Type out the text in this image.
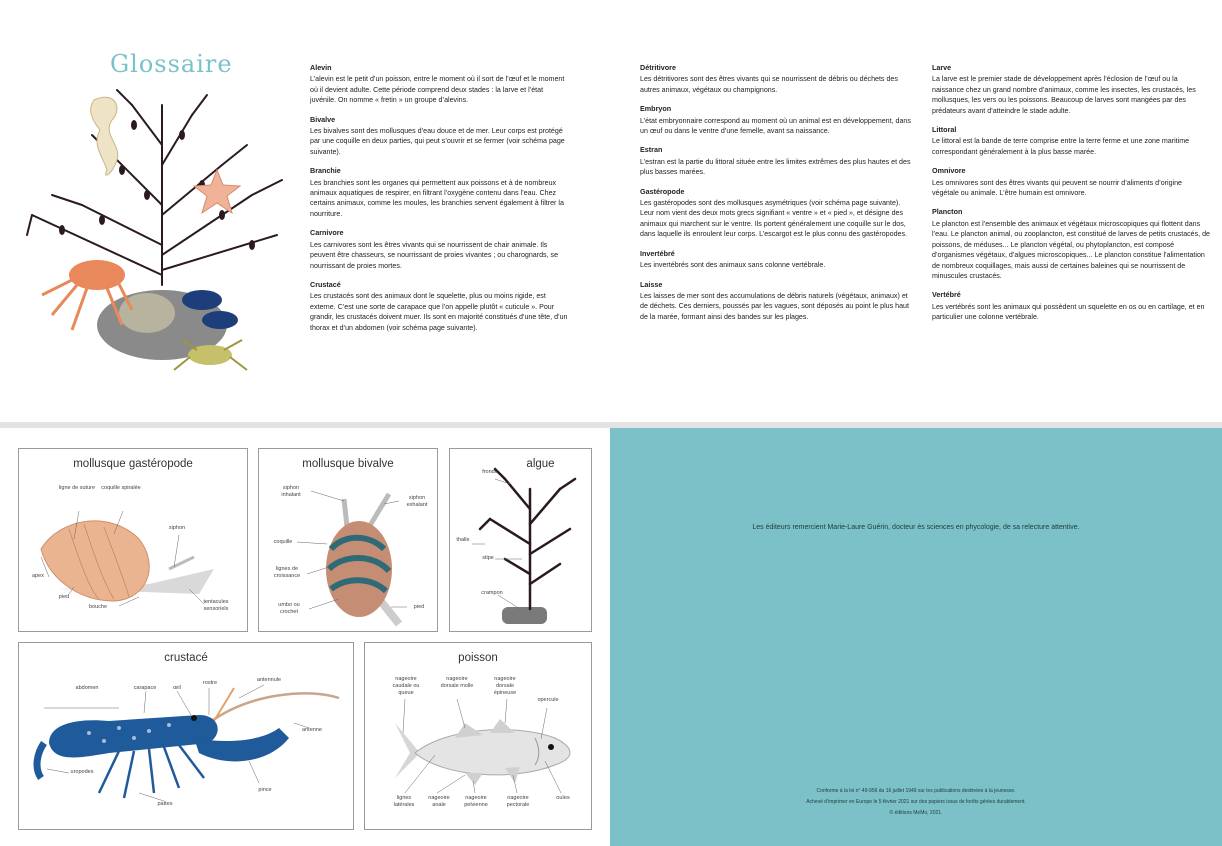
Glossaire	Alevin
L’alevin est le petit d’un poisson, entre le moment où il sort de l’œuf et le moment où il devient adulte. Cette période comprend deux stades : la larve et l’état juvénile. On nomme « fretin » un groupe d’alevins.
Bivalve
Les bivalves sont des mollusques d’eau douce et de mer. Leur corps est protégé par une coquille en deux parties, qui peut s’ouvrir et se fermer (voir schéma page suivante).
Branchie
Les branchies sont les organes qui permettent aux poissons et à de nombreux animaux aquatiques de respirer, en filtrant l’oxygène contenu dans l’eau. Chez certains animaux, comme les moules, les branchies servent également à filtrer la nourriture.
Carnivore
Les carnivores sont les êtres vivants qui se nourrissent de chair animale. Ils peuvent être chasseurs, se nourrissant de proies vivantes ; ou charognards, se nourrissant de proies mortes.
Crustacé
Les crustacés sont des animaux dont le squelette, plus ou moins rigide, est externe. C’est une sorte de carapace que l’on appelle plutôt « cuticule ». Pour grandir, les crustacés doivent muer. Ils sont en majorité constitués d’une tête, d’un thorax et d’un abdomen (voir schéma page suivante).
Détritivore
Les détritivores sont des êtres vivants qui se nourrissent de débris ou déchets des autres animaux, végétaux ou champignons.
Embryon
L’état embryonnaire correspond au moment où un animal est en développement, dans un œuf ou dans le ventre d’une femelle, avant sa naissance.
Estran
L’estran est la partie du littoral située entre les limites extrêmes des plus hautes et des plus basses marées.
Gastéropode
Les gastéropodes sont des mollusques asymétriques (voir schéma page suivante). Leur nom vient des deux mots grecs signifiant « ventre » et « pied », et désigne des animaux qui marchent sur le ventre. Ils portent généralement une coquille sur le dos, dans laquelle ils enroulent leur corps. L’escargot est le plus connu des gastéropodes.
Invertébré
Les invertébrés sont des animaux sans colonne vertébrale.
Laisse
Les laisses de mer sont des accumulations de débris naturels (végétaux, animaux) et de déchets. Ces derniers, poussés par les vagues, sont déposés au point le plus haut de la marée, formant ainsi des bandes sur les plages.
Larve
La larve est le premier stade de développement après l’éclosion de l’œuf ou la naissance chez un grand nombre d’animaux, comme les insectes, les crustacés, les mollusques, les vers ou les poissons. Beaucoup de larves sont mangées par des prédateurs avant d’atteindre le stade adulte.
Littoral
Le littoral est la bande de terre comprise entre la terre ferme et une zone maritime correspondant généralement à la plus basse marée.
Omnivore
Les omnivores sont des êtres vivants qui peuvent se nourrir d’aliments d’origine végétale ou animale. L’être humain est omnivore.
Plancton
Le plancton est l’ensemble des animaux et végétaux microscopiques qui flottent dans l’eau. Le plancton animal, ou zooplancton, est constitué de larves de petits crustacés, de poissons, de méduses... Le plancton végétal, ou phytoplancton, est composé d’organismes végétaux, d’algues microscopiques... Le plancton constitue l’alimentation de nombreux coquillages, mais aussi de certaines baleines qui se nourrissent de minuscules crustacés.
Vertébré
Les vertébrés sont les animaux qui possèdent un squelette en os ou en cartilage, et en particulier une colonne vertébrale.
mollusque gastéropode
ligne de suture	coquille spiralée
siphon
apex
pied
bouche
tentacules sensoriels
mollusque bivalve
siphon inhalant	siphon exhalant
coquille
lignes de croissance
umbo ou crochet
pied
algue
fronde
thalle
stipe
crampon
crustacé
abdomen	carapace	œil
rostre	antennule
antenne
uropodes
pattes
pince
poisson
nageoire caudale ou queue
nageoire dorsale molle
nageoire dorsale épineuse
opercule
lignes latérales
nageoire anale
nageoire pelvienne
nageoire pectorale
ouïes
Les éditeurs remercient Marie-Laure Guérin, docteur ès sciences en phycologie, de sa relecture attentive.
Conforme à la loi n° 49-956 du 16 juillet 1949 sur les publications destinées à la jeunesse.
Achevé d’imprimer en Europe le 5 février 2021 sur des papiers issus de forêts gérées durablement.
© éditions MeMo, 2021.
